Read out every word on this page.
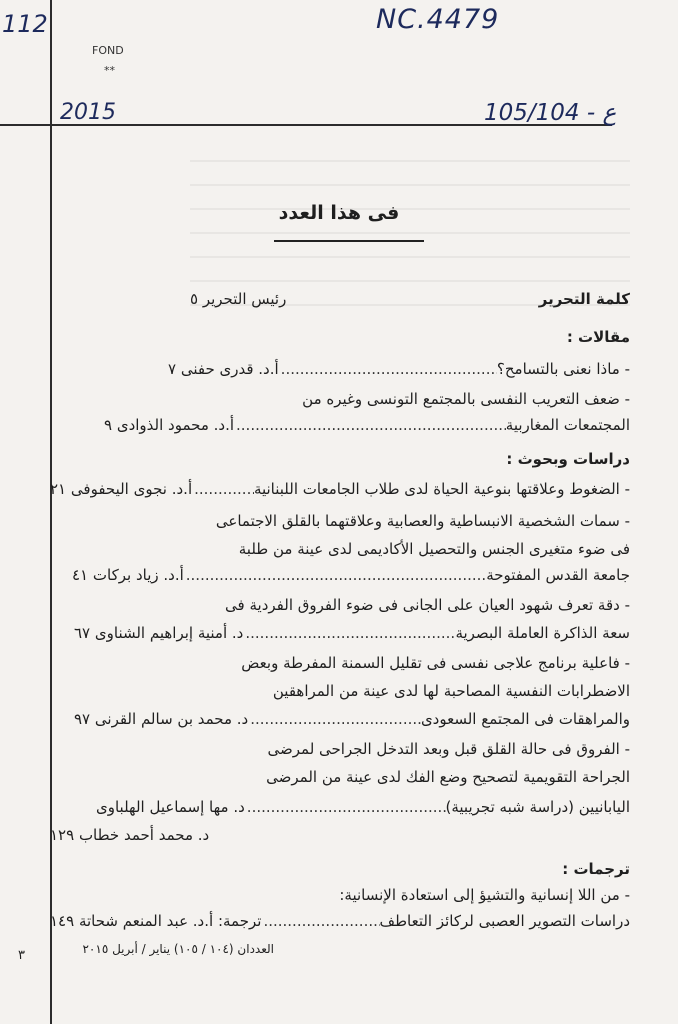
112	NC.4479
FOND
**
2015	105/104 - ع
فى هذا العدد
• كلمة التحرير
رئيس التحرير ٥
• مقالات :
- ماذا نعنى بالتسامح؟
.....
أ.د. قدرى حفنى ٧
- ضعف التعريب النفسى بالمجتمع التونسى وغيره من
المجتمعات المغاربية
.....
أ.د. محمود الذوادى ٩
• دراسات وبحوث :
- الضغوط وعلاقتها بنوعية الحياة لدى طلاب الجامعات اللبنانية
.....
أ.د. نجوى اليحفوفى ٢١
- سمات الشخصية الانبساطية والعصابية وعلاقتهما بالقلق الاجتماعى
فى ضوء متغيرى الجنس والتحصيل الأكاديمى لدى عينة من طلبة
جامعة القدس المفتوحة
.....
أ.د. زياد بركات ٤١
- دقة تعرف شهود العيان على الجانى فى ضوء الفروق الفردية فى
سعة الذاكرة العاملة البصرية
.....
د. أمنية إبراهيم الشناوى ٦٧
- فاعلية برنامج علاجى نفسى فى تقليل السمنة المفرطة وبعض
الاضطرابات النفسية المصاحبة لها لدى عينة من المراهقين
والمراهقات فى المجتمع السعودى
.....
د. محمد بن سالم القرنى ٩٧
- الفروق فى حالة القلق قبل وبعد التدخل الجراحى لمرضى
الجراحة التقويمية لتصحيح وضع الفك لدى عينة من المرضى
اليابانيين (دراسة شبه تجريبية)
.....
د. مها إسماعيل الهلباوى
د. محمد أحمد خطاب ١٢٩
• ترجمات :
- من اللا إنسانية والتشيؤ إلى استعادة الإنسانية:
دراسات التصوير العصبى لركائز التعاطف
.....
ترجمة: أ.د. عبد المنعم شحاتة ١٤٩
العددان (١٠٤ / ١٠٥) يناير / أبريل ٢٠١٥
٣
